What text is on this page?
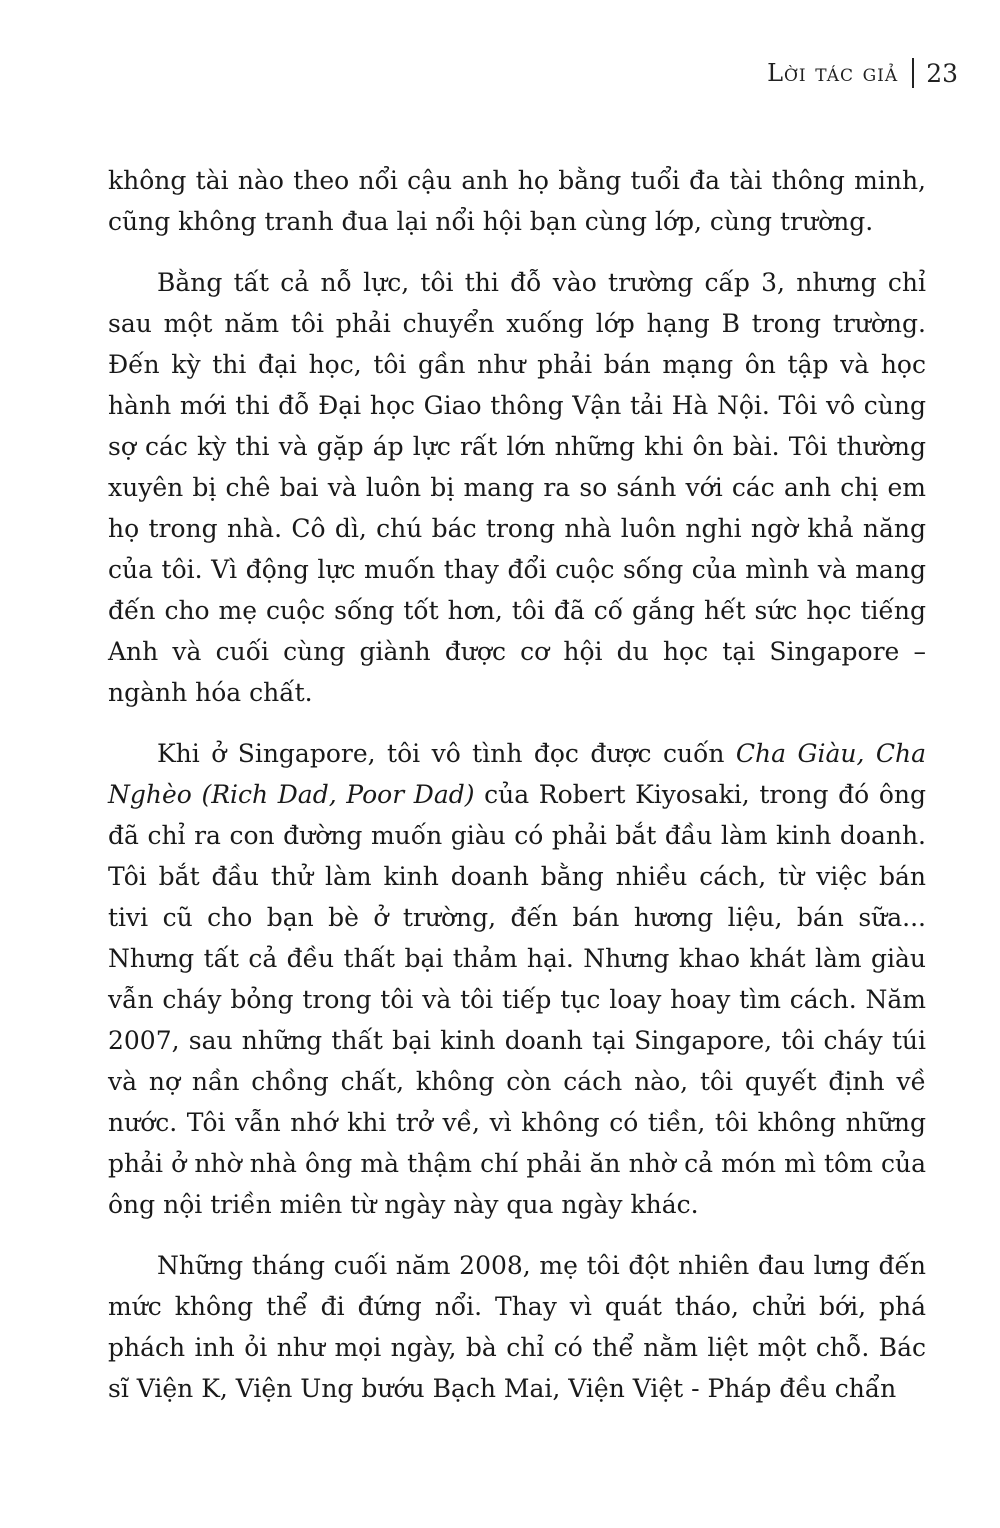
Lời tác giả 23

không tài nào theo nổi cậu anh họ bằng tuổi đa tài thông minh, cũng không tranh đua lại nổi hội bạn cùng lớp, cùng trường.

Bằng tất cả nỗ lực, tôi thi đỗ vào trường cấp 3, nhưng chỉ sau một năm tôi phải chuyển xuống lớp hạng B trong trường. Đến kỳ thi đại học, tôi gần như phải bán mạng ôn tập và học hành mới thi đỗ Đại học Giao thông Vận tải Hà Nội. Tôi vô cùng sợ các kỳ thi và gặp áp lực rất lớn những khi ôn bài. Tôi thường xuyên bị chê bai và luôn bị mang ra so sánh với các anh chị em họ trong nhà. Cô dì, chú bác trong nhà luôn nghi ngờ khả năng của tôi. Vì động lực muốn thay đổi cuộc sống của mình và mang đến cho mẹ cuộc sống tốt hơn, tôi đã cố gắng hết sức học tiếng Anh và cuối cùng giành được cơ hội du học tại Singapore – ngành hóa chất.

Khi ở Singapore, tôi vô tình đọc được cuốn Cha Giàu, Cha Nghèo (Rich Dad, Poor Dad) của Robert Kiyosaki, trong đó ông đã chỉ ra con đường muốn giàu có phải bắt đầu làm kinh doanh. Tôi bắt đầu thử làm kinh doanh bằng nhiều cách, từ việc bán tivi cũ cho bạn bè ở trường, đến bán hương liệu, bán sữa... Nhưng tất cả đều thất bại thảm hại. Nhưng khao khát làm giàu vẫn cháy bỏng trong tôi và tôi tiếp tục loay hoay tìm cách. Năm 2007, sau những thất bại kinh doanh tại Singapore, tôi cháy túi và nợ nần chồng chất, không còn cách nào, tôi quyết định về nước. Tôi vẫn nhớ khi trở về, vì không có tiền, tôi không những phải ở nhờ nhà ông mà thậm chí phải ăn nhờ cả món mì tôm của ông nội triền miên từ ngày này qua ngày khác.

Những tháng cuối năm 2008, mẹ tôi đột nhiên đau lưng đến mức không thể đi đứng nổi. Thay vì quát tháo, chửi bới, phá phách inh ỏi như mọi ngày, bà chỉ có thể nằm liệt một chỗ. Bác sĩ Viện K, Viện Ung bướu Bạch Mai, Viện Việt - Pháp đều chẩn
